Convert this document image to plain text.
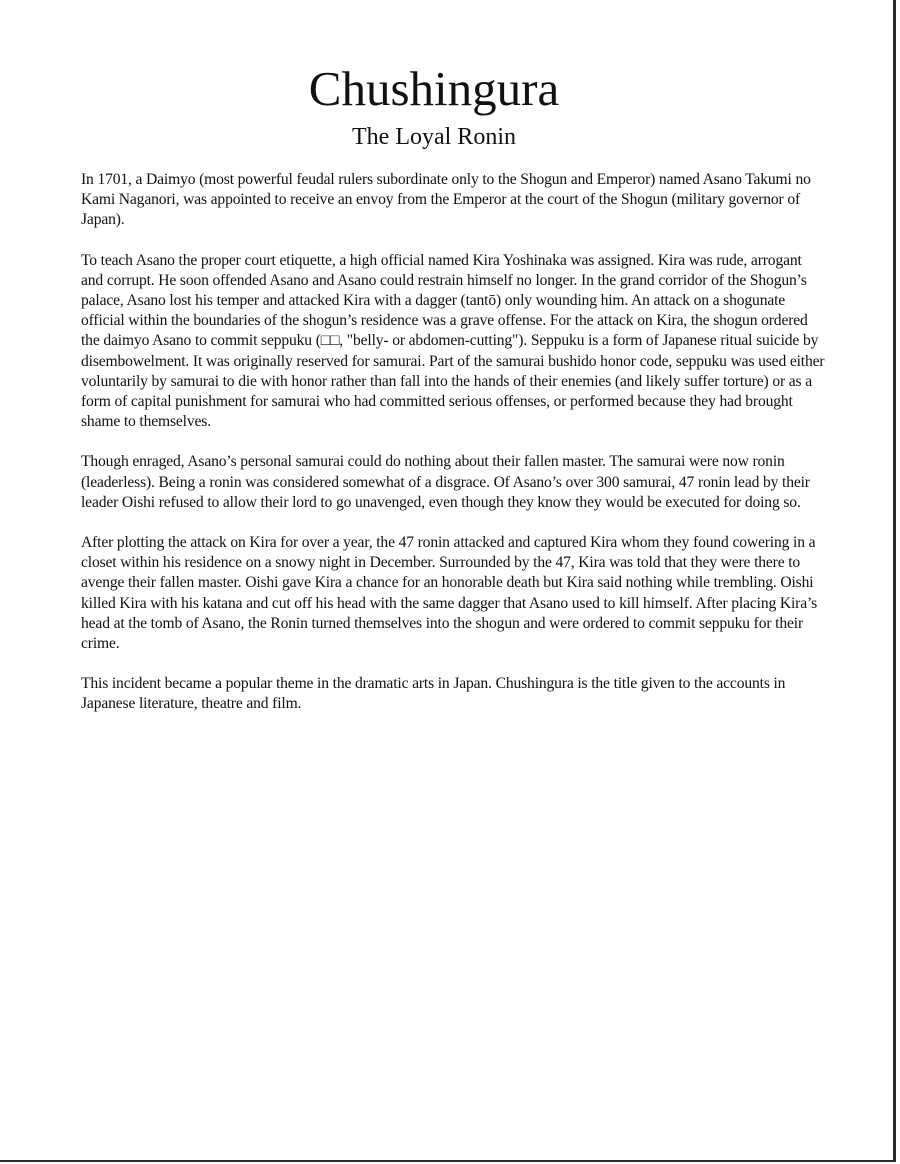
Chushingura
The Loyal Ronin

In 1701, a Daimyo (most powerful feudal rulers subordinate only to the Shogun and Emperor) named Asano Takumi no Kami Naganori, was appointed to receive an envoy from the Emperor at the court of the Shogun (military governor of Japan).

To teach Asano the proper court etiquette, a high official named Kira Yoshinaka was assigned. Kira was rude, arrogant and corrupt. He soon offended Asano and Asano could restrain himself no longer. In the grand corridor of the Shogun’s palace, Asano lost his temper and attacked Kira with a dagger (tantō) only wounding him. An attack on a shogunate official within the boundaries of the shogun’s residence was a grave offense. For the attack on Kira, the shogun ordered the daimyo Asano to commit seppuku (□□, "belly- or abdomen-cutting"). Seppuku is a form of Japanese ritual suicide by disembowelment. It was originally reserved for samurai. Part of the samurai bushido honor code, seppuku was used either voluntarily by samurai to die with honor rather than fall into the hands of their enemies (and likely suffer torture) or as a form of capital punishment for samurai who had committed serious offenses, or performed because they had brought shame to themselves.

Though enraged, Asano’s personal samurai could do nothing about their fallen master. The samurai were now ronin (leaderless). Being a ronin was considered somewhat of a disgrace. Of Asano’s over 300 samurai, 47 ronin lead by their leader Oishi refused to allow their lord to go unavenged, even though they know they would be executed for doing so.

After plotting the attack on Kira for over a year, the 47 ronin attacked and captured Kira whom they found cowering in a closet within his residence on a snowy night in December. Surrounded by the 47, Kira was told that they were there to avenge their fallen master. Oishi gave Kira a chance for an honorable death but Kira said nothing while trembling. Oishi killed Kira with his katana and cut off his head with the same dagger that Asano used to kill himself. After placing Kira’s head at the tomb of Asano, the Ronin turned themselves into the shogun and were ordered to commit seppuku for their crime.

This incident became a popular theme in the dramatic arts in Japan. Chushingura is the title given to the accounts in Japanese literature, theatre and film.
